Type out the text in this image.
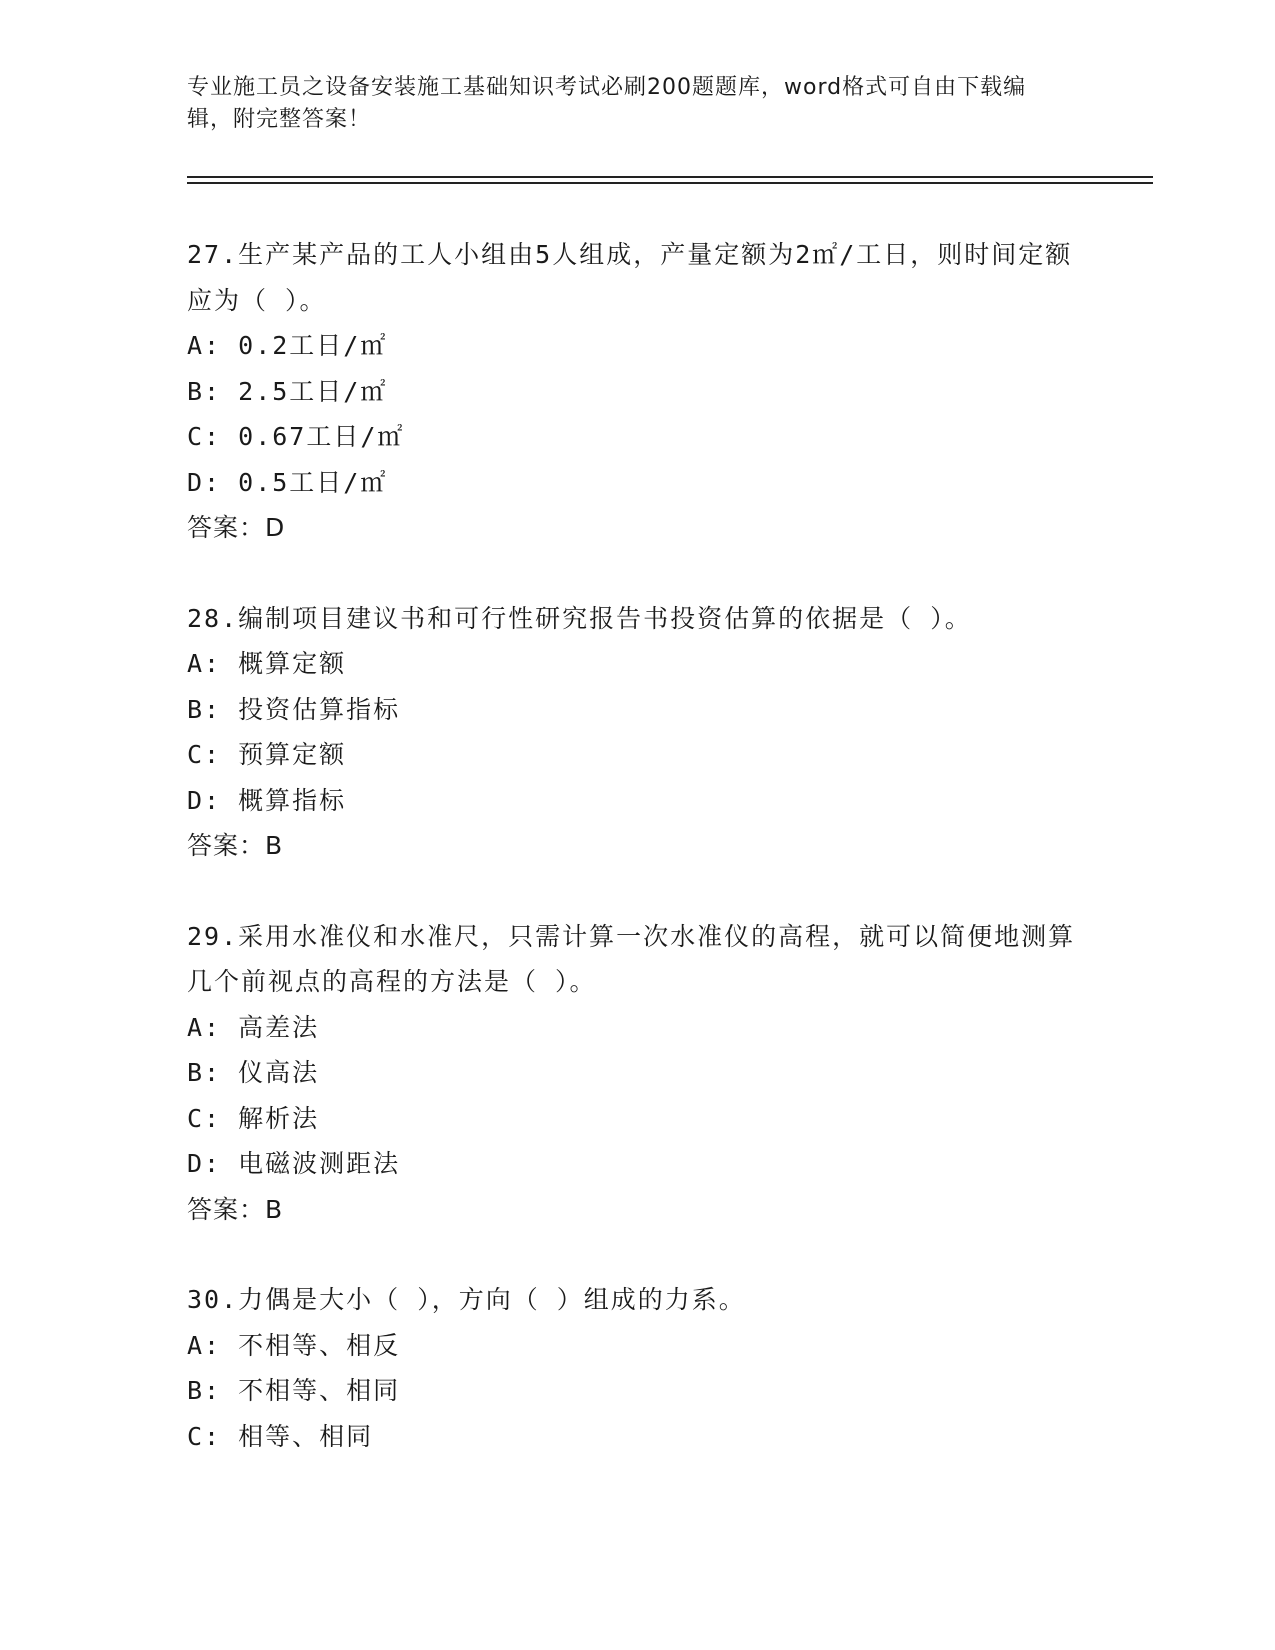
专业施工员之设备安装施工基础知识考试必刷200题题库，word格式可自由下载编辑，附完整答案！
27.生产某产品的工人小组由5人组成，产量定额为2㎡/工日，则时间定额应为（ ）。
A: 0.2工日/㎡
B: 2.5工日/㎡
C: 0.67工日/㎡
D: 0.5工日/㎡
答案：D
28.编制项目建议书和可行性研究报告书投资估算的依据是（ ）。
A: 概算定额
B: 投资估算指标
C: 预算定额
D: 概算指标
答案：B
29.采用水准仪和水准尺，只需计算一次水准仪的高程，就可以简便地测算几个前视点的高程的方法是（ ）。
A: 高差法
B: 仪高法
C: 解析法
D: 电磁波测距法
答案：B
30.力偶是大小（ ），方向（ ）组成的力系。
A: 不相等、相反
B: 不相等、相同
C: 相等、相同
